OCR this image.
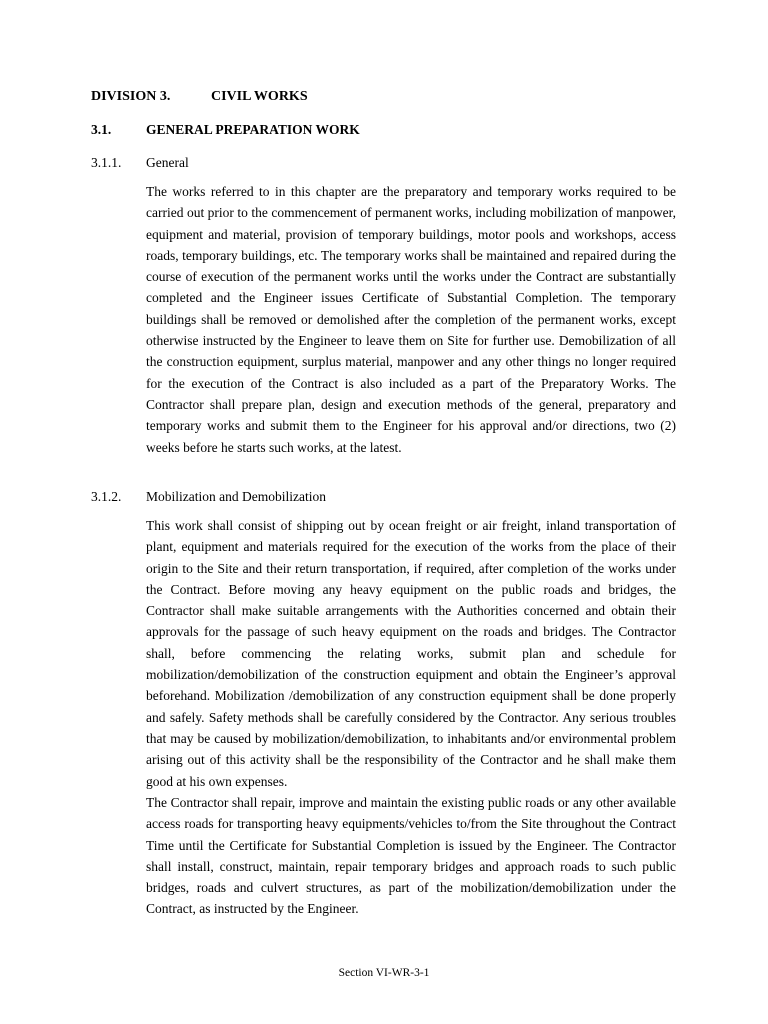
DIVISION 3.	CIVIL WORKS
3.1.	GENERAL PREPARATION WORK
3.1.1. General

The works referred to in this chapter are the preparatory and temporary works required to be carried out prior to the commencement of permanent works, including mobilization of manpower, equipment and material, provision of temporary buildings, motor pools and workshops, access roads, temporary buildings, etc. The temporary works shall be maintained and repaired during the course of execution of the permanent works until the works under the Contract are substantially completed and the Engineer issues Certificate of Substantial Completion. The temporary buildings shall be removed or demolished after the completion of the permanent works, except otherwise instructed by the Engineer to leave them on Site for further use. Demobilization of all the construction equipment, surplus material, manpower and any other things no longer required for the execution of the Contract is also included as a part of the Preparatory Works. The Contractor shall prepare plan, design and execution methods of the general, preparatory and temporary works and submit them to the Engineer for his approval and/or directions, two (2) weeks before he starts such works, at the latest.

3.1.2. Mobilization and Demobilization

This work shall consist of shipping out by ocean freight or air freight, inland transportation of plant, equipment and materials required for the execution of the works from the place of their origin to the Site and their return transportation, if required, after completion of the works under the Contract. Before moving any heavy equipment on the public roads and bridges, the Contractor shall make suitable arrangements with the Authorities concerned and obtain their approvals for the passage of such heavy equipment on the roads and bridges. The Contractor shall, before commencing the relating works, submit plan and schedule for mobilization/demobilization of the construction equipment and obtain the Engineer’s approval beforehand. Mobilization /demobilization of any construction equipment shall be done properly and safely. Safety methods shall be carefully considered by the Contractor. Any serious troubles that may be caused by mobilization/demobilization, to inhabitants and/or environmental problem arising out of this activity shall be the responsibility of the Contractor and he shall make them good at his own expenses.

The Contractor shall repair, improve and maintain the existing public roads or any other available access roads for transporting heavy equipments/vehicles to/from the Site throughout the Contract Time until the Certificate for Substantial Completion is issued by the Engineer. The Contractor shall install, construct, maintain, repair temporary bridges and approach roads to such public bridges, roads and culvert structures, as part of the mobilization/demobilization under the Contract, as instructed by the Engineer.

Section VI-WR-3-1
